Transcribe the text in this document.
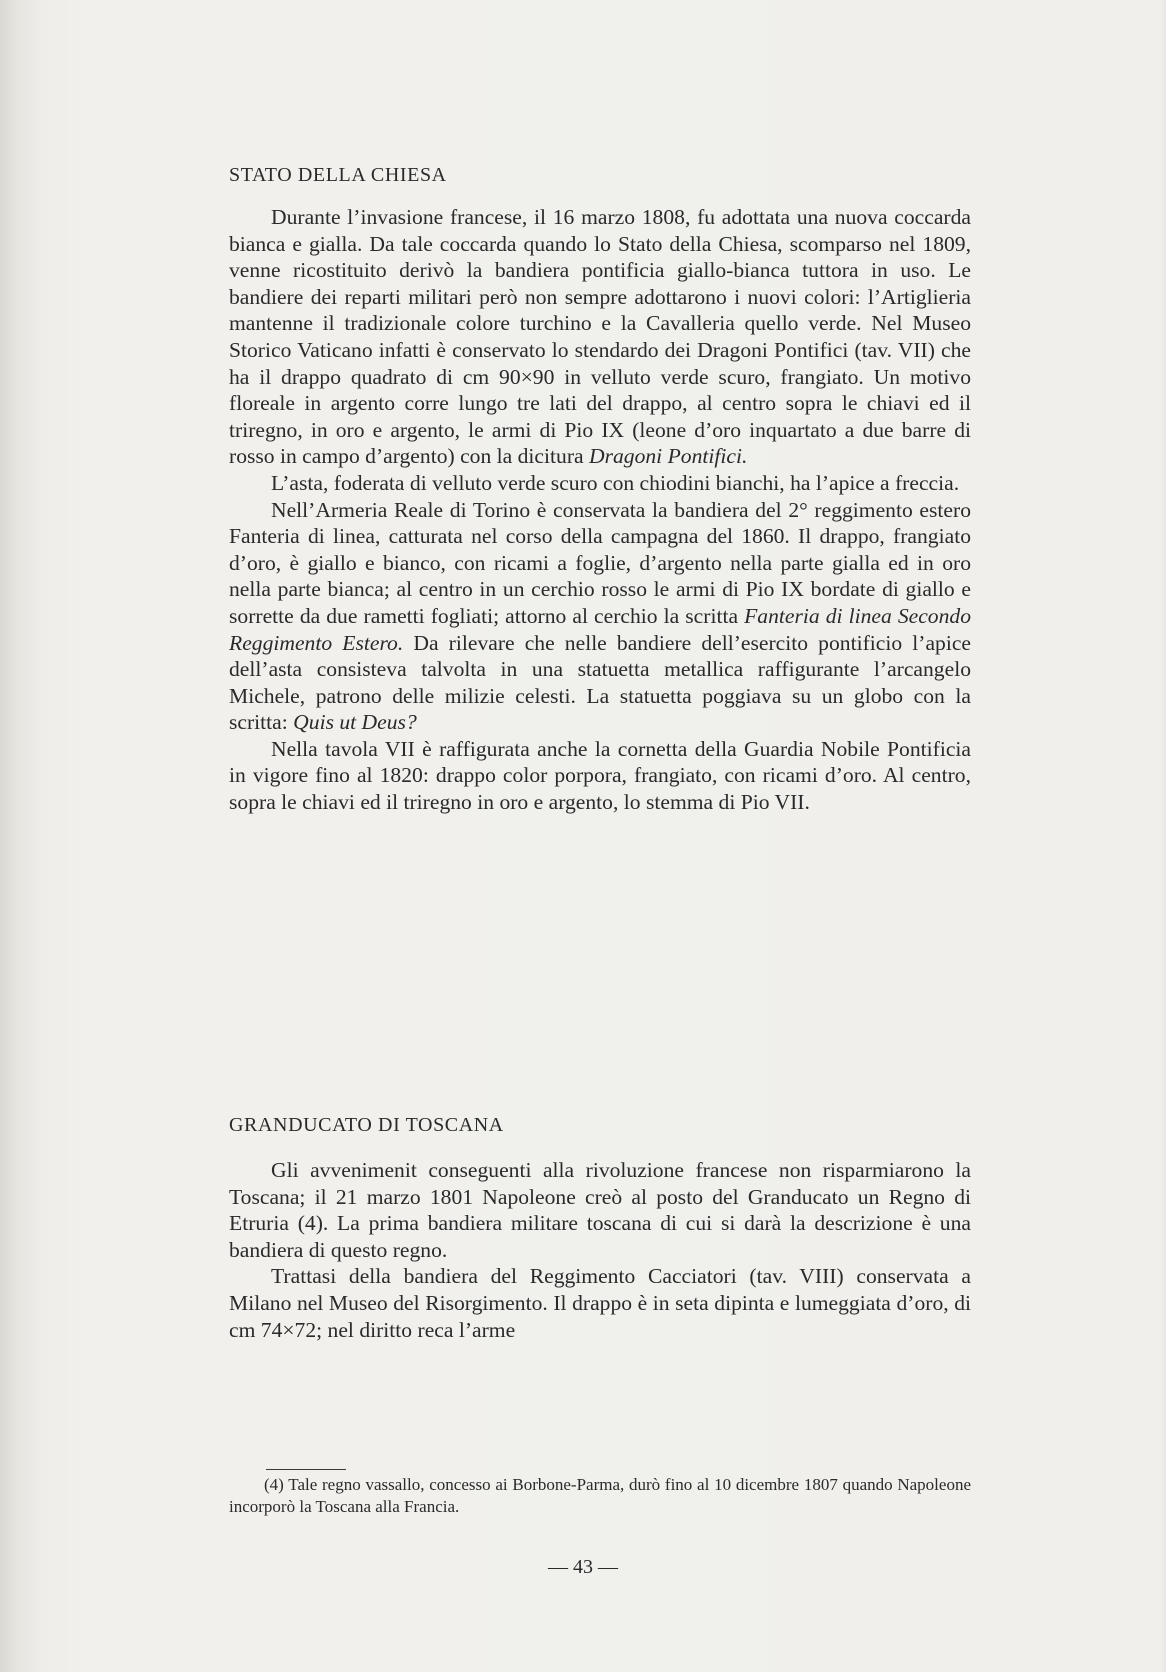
STATO DELLA CHIESA

Durante l’invasione francese, il 16 marzo 1808, fu adottata una nuova coccarda bianca e gialla. Da tale coccarda quando lo Stato della Chiesa, scomparso nel 1809, venne ricostituito derivò la bandiera pontificia giallo-bianca tuttora in uso. Le bandiere dei reparti militari però non sempre adottarono i nuovi colori: l’Artiglieria mantenne il tradizionale colore turchino e la Cavalleria quello verde. Nel Museo Storico Vaticano infatti è conservato lo stendardo dei Dragoni Pontifici (tav. VII) che ha il drappo quadrato di cm 90×90 in velluto verde scuro, frangiato. Un motivo floreale in argento corre lungo tre lati del drappo, al centro sopra le chiavi ed il triregno, in oro e argento, le armi di Pio IX (leone d’oro inquartato a due barre di rosso in campo d’argento) con la dicitura Dragoni Pontifici.

L’asta, foderata di velluto verde scuro con chiodini bianchi, ha l’apice a freccia.

Nell’Armeria Reale di Torino è conservata la bandiera del 2° reggimento estero Fanteria di linea, catturata nel corso della campagna del 1860. Il drappo, frangiato d’oro, è giallo e bianco, con ricami a foglie, d’argento nella parte gialla ed in oro nella parte bianca; al centro in un cerchio rosso le armi di Pio IX bordate di giallo e sorrette da due rametti fogliati; attorno al cerchio la scritta Fanteria di linea Secondo Reggimento Estero. Da rilevare che nelle bandiere dell’esercito pontificio l’apice dell’asta consisteva talvolta in una statuetta metallica raffigurante l’arcangelo Michele, patrono delle milizie celesti. La statuetta poggiava su un globo con la scritta: Quis ut Deus?

Nella tavola VII è raffigurata anche la cornetta della Guardia Nobile Pontificia in vigore fino al 1820: drappo color porpora, frangiato, con ricami d’oro. Al centro, sopra le chiavi ed il triregno in oro e argento, lo stemma di Pio VII.

GRANDUCATO DI TOSCANA

Gli avvenimenit conseguenti alla rivoluzione francese non risparmiarono la Toscana; il 21 marzo 1801 Napoleone creò al posto del Granducato un Regno di Etruria (4). La prima bandiera militare toscana di cui si darà la descrizione è una bandiera di questo regno.

Trattasi della bandiera del Reggimento Cacciatori (tav. VIII) conservata a Milano nel Museo del Risorgimento. Il drappo è in seta dipinta e lumeggiata d’oro, di cm 74×72; nel diritto reca l’arme

(4) Tale regno vassallo, concesso ai Borbone-Parma, durò fino al 10 dicembre 1807 quando Napoleone incorporò la Toscana alla Francia.

— 43 —
